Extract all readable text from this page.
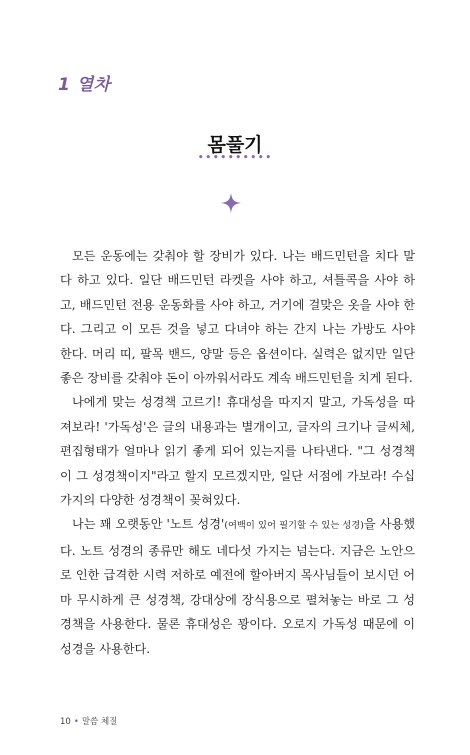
1 열차
몸풀기
••••••••••

모든 운동에는 갖춰야 할 장비가 있다. 나는 배드민턴을 치다 말다 하고 있다. 일단 배드민턴 라켓을 사야 하고, 셔틀콕을 사야 하고, 배드민턴 전용 운동화를 사야 하고, 거기에 걸맞은 옷을 사야 한다. 그리고 이 모든 것을 넣고 다녀야 하는 간지 나는 가방도 사야 한다. 머리 띠, 팔목 밴드, 양말 등은 옵션이다. 실력은 없지만 일단 좋은 장비를 갖춰야 돈이 아까워서라도 계속 배드민턴을 치게 된다.

나에게 맞는 성경책 고르기! 휴대성을 따지지 말고, 가독성을 따져보라! '가독성'은 글의 내용과는 별개이고, 글자의 크기나 글씨체, 편집형태가 얼마나 읽기 좋게 되어 있는지를 나타낸다. "그 성경책이 그 성경책이지"라고 할지 모르겠지만, 일단 서점에 가보라! 수십 가지의 다양한 성경책이 꽂혀있다.

나는 꽤 오랫동안 '노트 성경'(여백이 있어 필기할 수 있는 성경)을 사용했다. 노트 성경의 종류만 해도 네다섯 가지는 넘는다. 지금은 노안으로 인한 급격한 시력 저하로 예전에 할아버지 목사님들이 보시던 어마 무시하게 큰 성경책, 강대상에 장식용으로 펼쳐놓는 바로 그 성경책을 사용한다. 물론 휴대성은 꽝이다. 오로지 가독성 때문에 이 성경을 사용한다.

10 • 말씀 체질
